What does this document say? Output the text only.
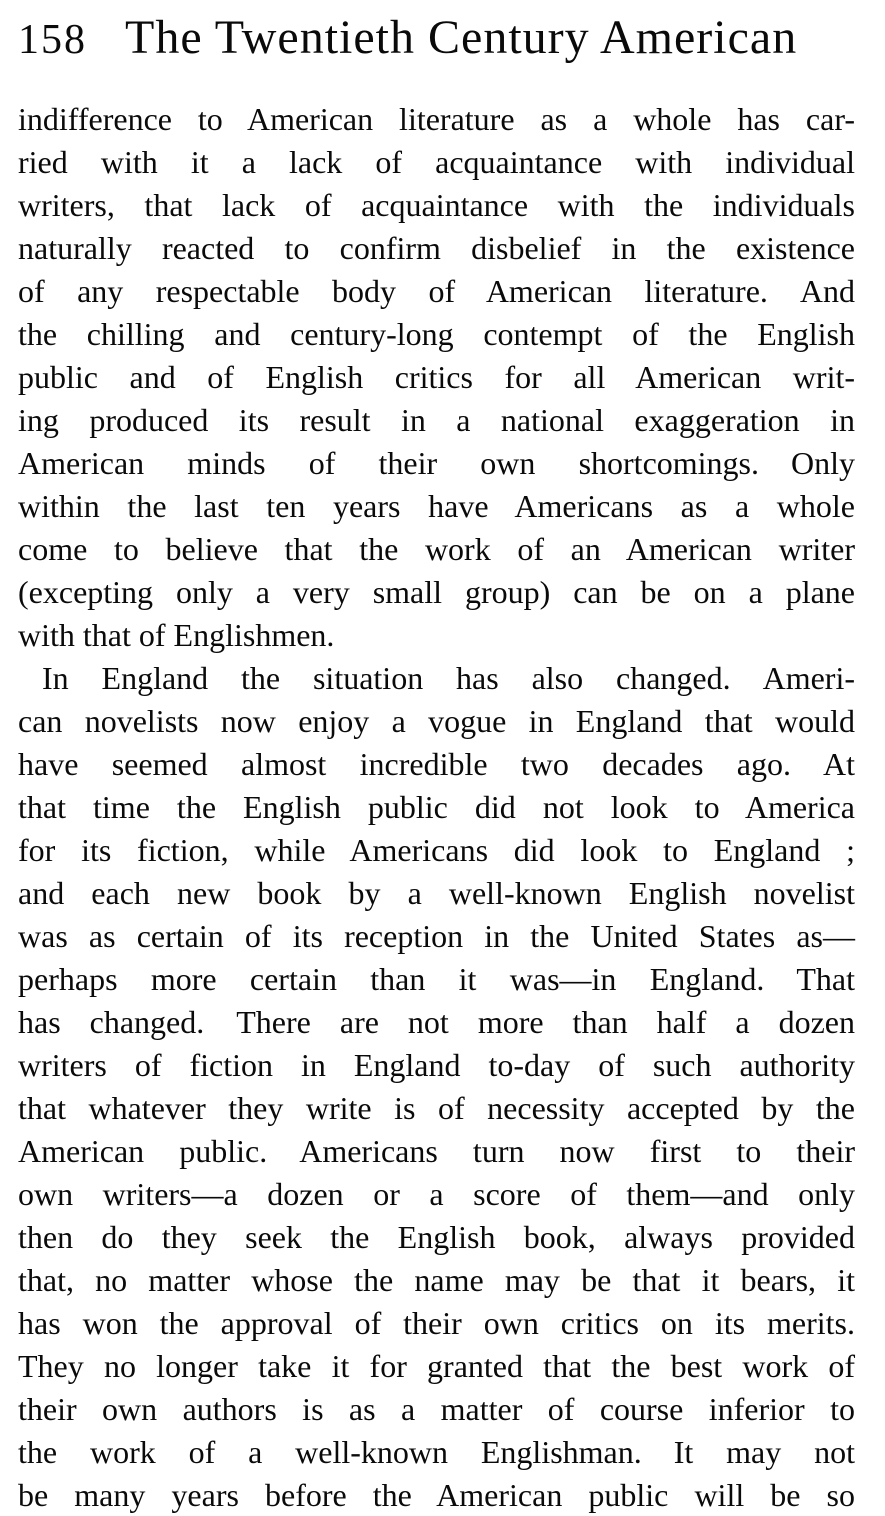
158 The Twentieth Century American
indifference to American literature as a whole has car-
ried with it a lack of acquaintance with individual
writers, that lack of acquaintance with the individuals
naturally reacted to confirm disbelief in the existence
of any respectable body of American literature. And
the chilling and century-long contempt of the English
public and of English critics for all American writ-
ing produced its result in a national exaggeration in
American minds of their own shortcomings. Only
within the last ten years have Americans as a whole
come to believe that the work of an American writer
(excepting only a very small group) can be on a plane
with that of Englishmen.
In England the situation has also changed. Ameri-
can novelists now enjoy a vogue in England that would
have seemed almost incredible two decades ago. At
that time the English public did not look to America
for its fiction, while Americans did look to England ;
and each new book by a well-known English novelist
was as certain of its reception in the United States as—
perhaps more certain than it was—in England. That
has changed. There are not more than half a dozen
writers of fiction in England to-day of such authority
that whatever they write is of necessity accepted by the
American public. Americans turn now first to their
own writers—a dozen or a score of them—and only
then do they seek the English book, always provided
that, no matter whose the name may be that it bears, it
has won the approval of their own critics on its merits.
They no longer take it for granted that the best work of
their own authors is as a matter of course inferior to
the work of a well-known Englishman. It may not
be many years before the American public will be so
